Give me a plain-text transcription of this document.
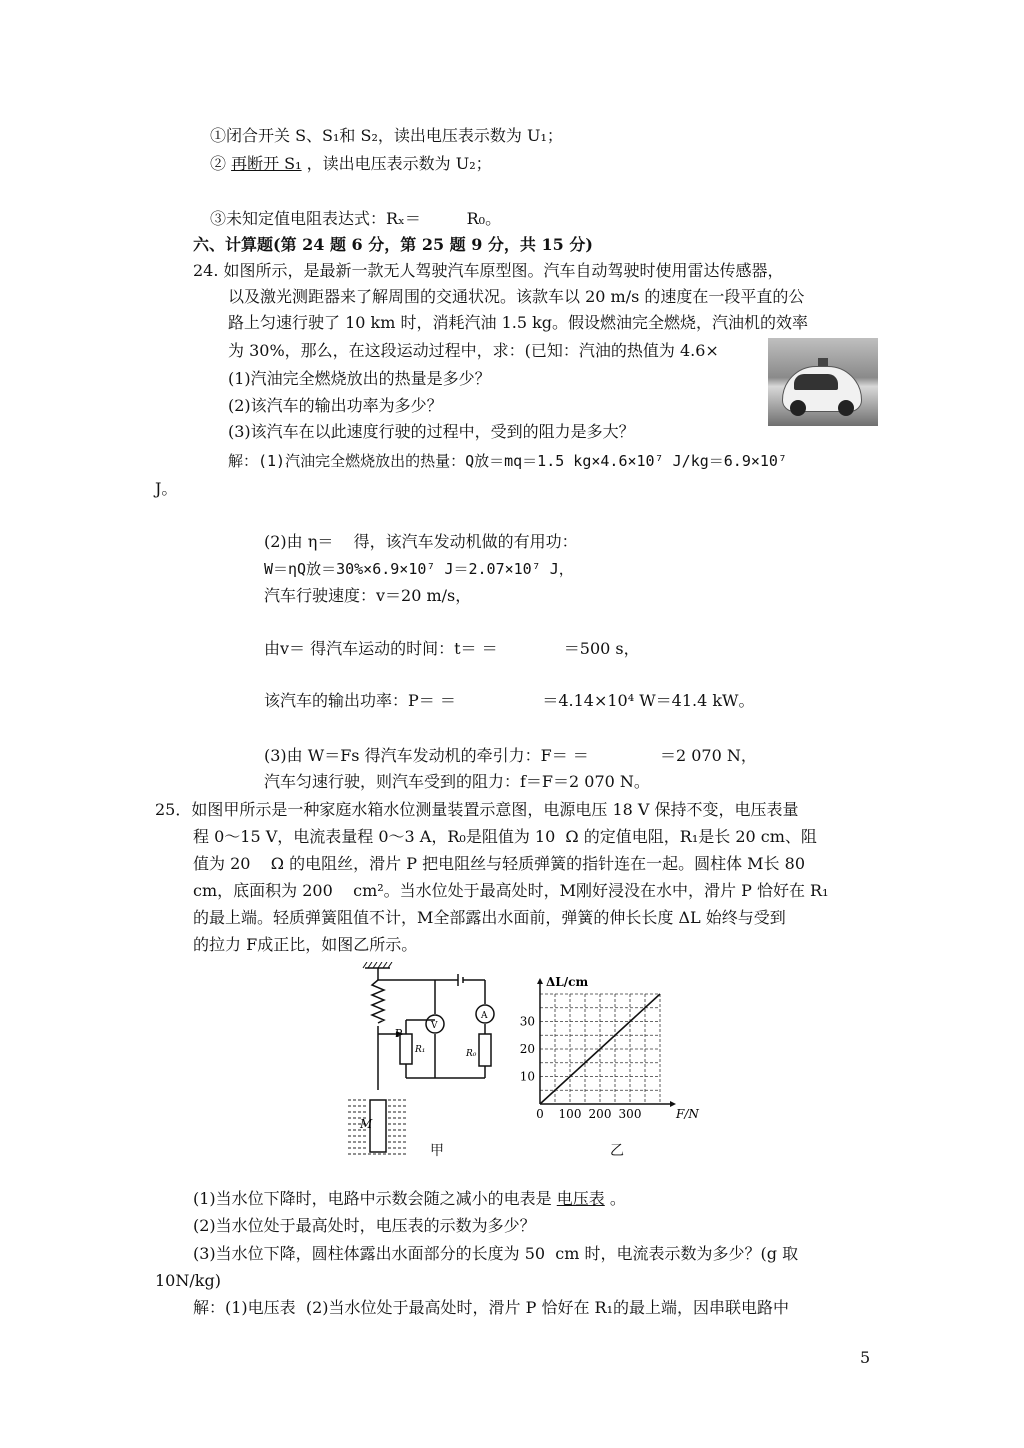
①闭合开关 S、S₁和 S₂，读出电压表示数为 U₁；
② 再断开 S₁ ，读出电压表示数为 U₂；
③未知定值电阻表达式：Rₓ＝         R₀。
六、计算题(第 24 题 6 分，第 25 题 9 分，共 15 分)
24. 如图所示，是最新一款无人驾驶汽车原型图。汽车自动驾驶时使用雷达传感器，
以及激光测距器来了解周围的交通状况。该款车以 20 m/s 的速度在一段平直的公
路上匀速行驶了 10 km 时，消耗汽油 1.5 kg。假设燃油完全燃烧，汽油机的效率
为 30%，那么，在这段运动过程中，求：(已知：汽油的热值为 4.6×
(1)汽油完全燃烧放出的热量是多少？
(2)该汽车的输出功率为多少？
(3)该汽车在以此速度行驶的过程中，受到的阻力是多大？
解：(1)汽油完全燃烧放出的热量：Q放＝mq＝1.5 kg×4.6×10⁷ J/kg＝6.9×10⁷
J。
(2)由 η＝    得，该汽车发动机做的有用功：
W＝ηQ放＝30%×6.9×10⁷ J＝2.07×10⁷ J，
汽车行驶速度：v＝20 m/s，
由v＝ 得汽车运动的时间：t＝ ＝             ＝500 s，
该汽车的输出功率：P＝ ＝                 ＝4.14×10⁴ W＝41.4 kW。
(3)由 W＝Fs 得汽车发动机的牵引力：F＝ ＝              ＝2 070 N，
汽车匀速行驶，则汽车受到的阻力：f＝F＝2 070 N。
25．如图甲所示是一种家庭水箱水位测量装置示意图，电源电压 18 V 保持不变，电压表量
程 0～15 V，电流表量程 0～3 A，R₀是阻值为 10  Ω 的定值电阻，R₁是长 20 cm、阻
值为 20    Ω 的电阻丝，滑片 P 把电阻丝与轻质弹簧的指针连在一起。圆柱体 M长 80
cm，底面积为 200    cm²。当水位处于最高处时，M刚好浸没在水中，滑片 P 恰好在 R₁
的最上端。轻质弹簧阻值不计，M全部露出水面前，弹簧的伸长长度 ΔL 始终与受到
的拉力 F成正比，如图乙所示。
P
R₁	R₀
V
A
M
甲
0 100 200 300
10
20
30
F/N
ΔL/cm
乙
(1)当水位下降时，电路中示数会随之减小的电表是 电压表 。
(2)当水位处于最高处时，电压表的示数为多少？
(3)当水位下降，圆柱体露出水面部分的长度为 50  cm 时，电流表示数为多少？(g 取
10N/kg)
解：(1)电压表  (2)当水位处于最高处时，滑片 P 恰好在 R₁的最上端，因串联电路中
5
